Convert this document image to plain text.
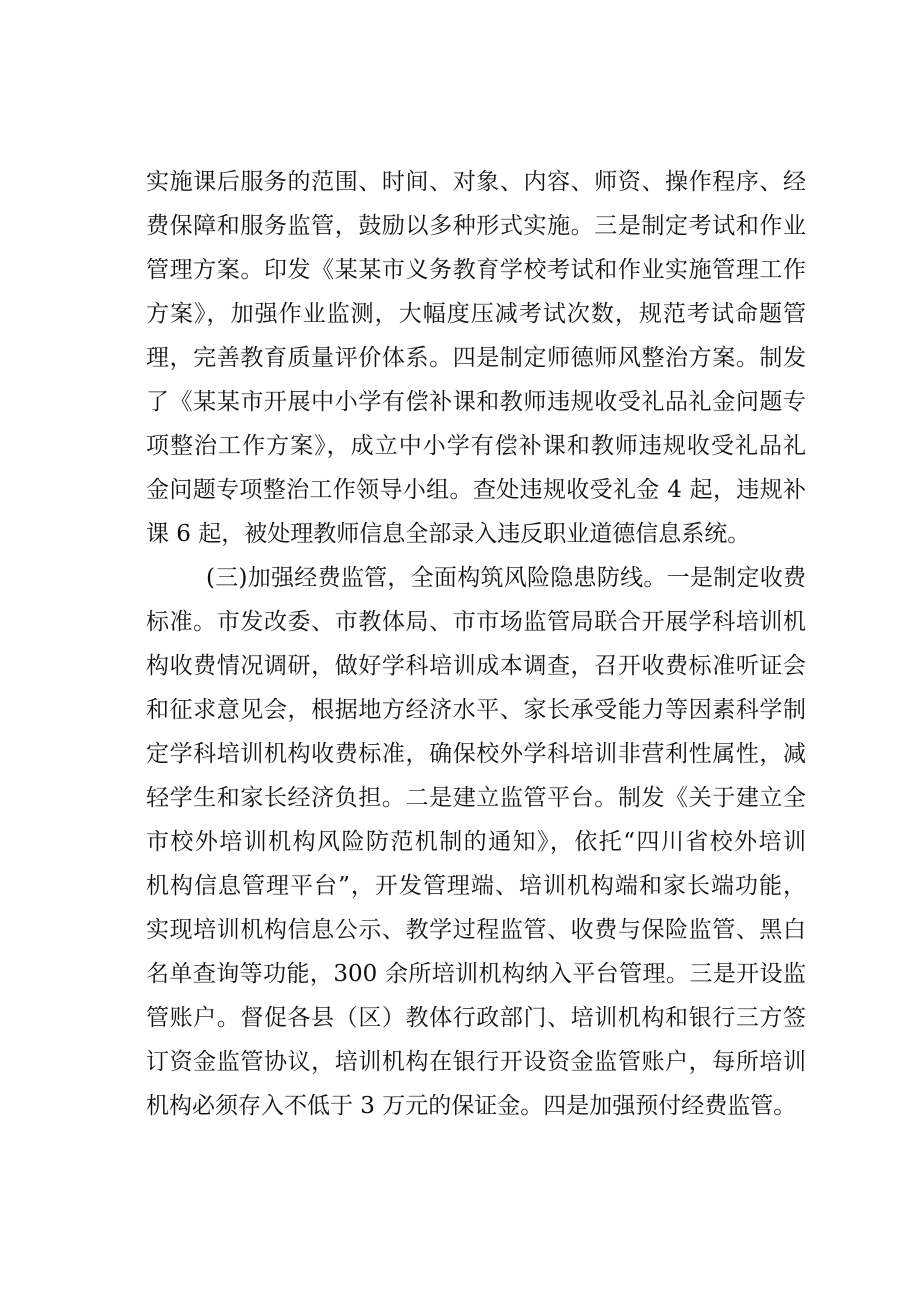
实施课后服务的范围、时间、对象、内容、师资、操作程序、经
费保障和服务监管，鼓励以多种形式实施。三是制定考试和作业
管理方案。印发《某某市义务教育学校考试和作业实施管理工作
方案》，加强作业监测，大幅度压减考试次数，规范考试命题管
理，完善教育质量评价体系。四是制定师德师风整治方案。制发
了《某某市开展中小学有偿补课和教师违规收受礼品礼金问题专
项整治工作方案》，成立中小学有偿补课和教师违规收受礼品礼
金问题专项整治工作领导小组。查处违规收受礼金 4 起，违规补
课 6 起，被处理教师信息全部录入违反职业道德信息系统。
(三)加强经费监管，全面构筑风险隐患防线。一是制定收费
标准。市发改委、市教体局、市市场监管局联合开展学科培训机
构收费情况调研，做好学科培训成本调查，召开收费标准听证会
和征求意见会，根据地方经济水平、家长承受能力等因素科学制
定学科培训机构收费标准，确保校外学科培训非营利性属性，减
轻学生和家长经济负担。二是建立监管平台。制发《关于建立全
市校外培训机构风险防范机制的通知》，依托“四川省校外培训
机构信息管理平台”，开发管理端、培训机构端和家长端功能，
实现培训机构信息公示、教学过程监管、收费与保险监管、黑白
名单查询等功能，300 余所培训机构纳入平台管理。三是开设监
管账户。督促各县（区）教体行政部门、培训机构和银行三方签
订资金监管协议，培训机构在银行开设资金监管账户，每所培训
机构必须存入不低于 3 万元的保证金。四是加强预付经费监管。
